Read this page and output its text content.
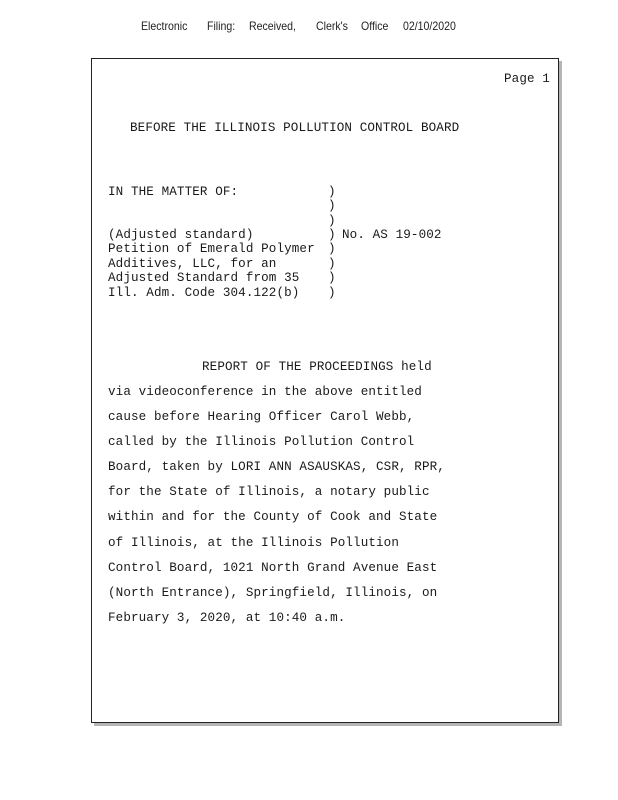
Electronic Filing: Received, Clerk's Office 02/10/2020
Page 1
BEFORE THE ILLINOIS POLLUTION CONTROL BOARD
IN THE MATTER OF:
(Adjusted standard)
Petition of Emerald Polymer
Additives, LLC, for an
Adjusted Standard from 35
Ill. Adm. Code 304.122(b)
)
)
)
)
)
)
)
)
No. AS 19-002
REPORT OF THE PROCEEDINGS held
via videoconference in the above entitled
cause before Hearing Officer Carol Webb,
called by the Illinois Pollution Control
Board, taken by LORI ANN ASAUSKAS, CSR, RPR,
for the State of Illinois, a notary public
within and for the County of Cook and State
of Illinois, at the Illinois Pollution
Control Board, 1021 North Grand Avenue East
(North Entrance), Springfield, Illinois, on
February 3, 2020, at 10:40 a.m.
